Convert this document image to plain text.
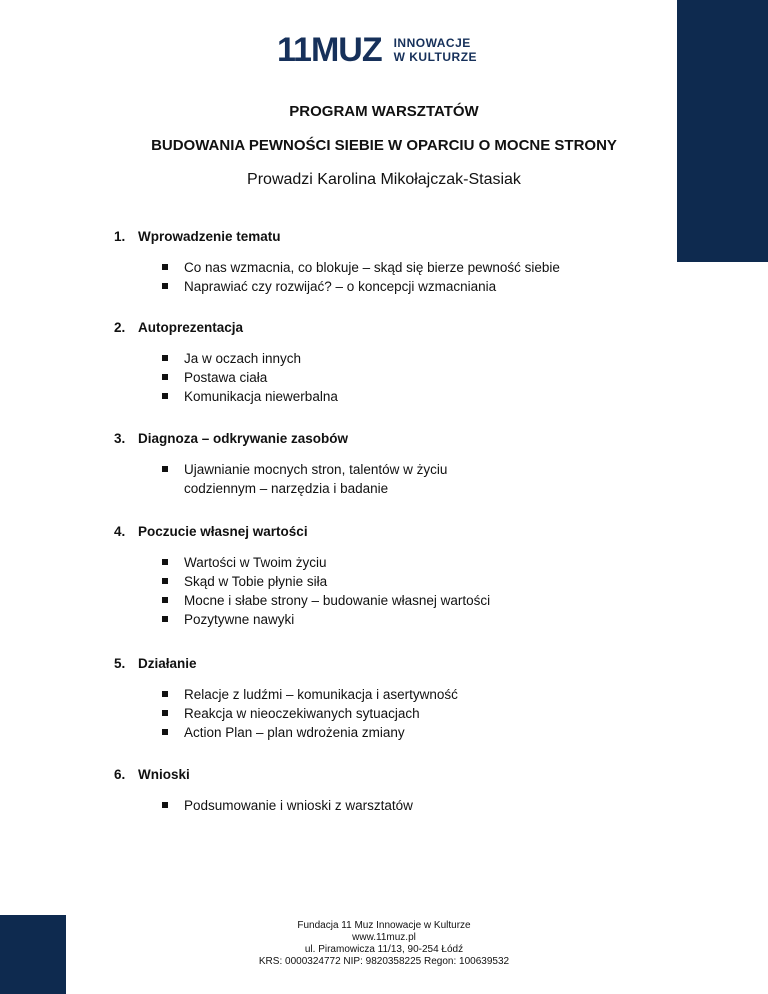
11MUZ INNOWACJE
W KULTURZE
PROGRAM WARSZTATÓW
BUDOWANIA PEWNOŚCI SIEBIE W OPARCIU O MOCNE STRONY
Prowadzi Karolina Mikołajczak-Stasiak
1. Wprowadzenie tematu
Co nas wzmacnia, co blokuje – skąd się bierze pewność siebie
Naprawiać czy rozwijać? – o koncepcji wzmacniania
2. Autoprezentacja
Ja w oczach innych
Postawa ciała
Komunikacja niewerbalna
3. Diagnoza – odkrywanie zasobów
Ujawnianie mocnych stron, talentów w życiu codziennym – narzędzia i badanie
4. Poczucie własnej wartości
Wartości w Twoim życiu
Skąd w Tobie płynie siła
Mocne i słabe strony – budowanie własnej wartości
Pozytywne nawyki
5. Działanie
Relacje z ludźmi – komunikacja i asertywność
Reakcja w nieoczekiwanych sytuacjach
Action Plan – plan wdrożenia zmiany
6. Wnioski
Podsumowanie i wnioski z warsztatów
Fundacja 11 Muz Innowacje w Kulturze
www.11muz.pl
ul. Piramowicza 11/13, 90-254 Łódź
KRS: 0000324772 NIP: 9820358225 Regon: 100639532
